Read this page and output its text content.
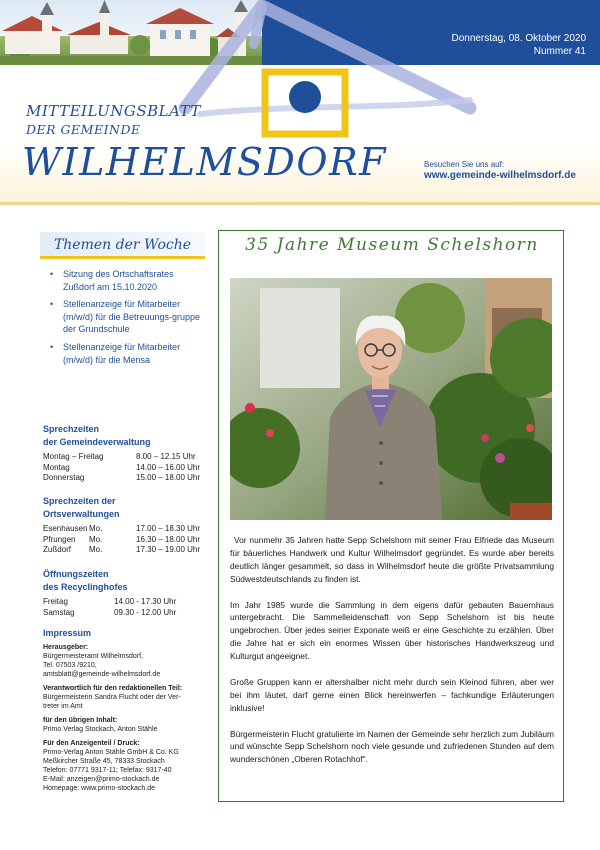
Donnerstag, 08. Oktober 2020
Nummer 41
MITTEILUNGSBLATT
DER GEMEINDE
WILHELMSDORF	Besuchen Sie uns auf:
www.gemeinde-wilhelmsdorf.de
Themen der Woche
• Sitzung des Ortschaftsrates Zußdorf am 15.10.2020
• Stellenanzeige für Mitarbeiter (m/w/d) für die Betreuungs-gruppe der Grundschule
• Stellenanzeige für Mitarbeiter (m/w/d) für die Mensa
Sprechzeiten
der Gemeindeverwaltung
Montag – Freitag	8.00 – 12.15 Uhr
Montag	14.00 – 16.00 Uhr
Donnerstag	15.00 – 18.00 Uhr
Sprechzeiten der
Ortsverwaltungen
Esenhausen Mo.	17.00 – 18.30 Uhr
Pfrungen Mo.	16.30 – 18.00 Uhr
Zußdorf Mo.	17.30 – 19.00 Uhr
Öffnungszeiten
des Recyclinghofes
Freitag	14.00 - 17.30 Uhr
Samstag	09.30 - 12.00 Uhr
Impressum
Herausgeber:
Bürgermeisteramt Wilhelmsdorf,
Tel. 07503 /9210,
amtsblatt@gemeinde-wilhelmsdorf.de
Verantwortlich für den redaktionellen Teil:
Bürgermeisterin Sandra Flucht oder der Ver-
treter im Amt
für den übrigen Inhalt:
Primo Verlag Stockach, Anton Stähle
Für den Anzeigenteil / Druck:
Primo-Verlag Anton Stähle GmbH & Co. KG
Meßkircher Straße 45, 78333 Stockach
Telefon: 07771 9317-11; Telefax: 9317-40
E-Mail: anzeigen@primo-stockach.de
Homepage: www.primo-stockach.de
35 Jahre Museum Schelshorn

Vor nunmehr 35 Jahren hatte Sepp Schelshorn mit seiner Frau Elfriede das Museum für bäuerliches Handwerk und Kultur Wilhelmsdorf gegründet. Es wurde aber bereits deutlich länger gesammelt, so dass in Wilhelmsdorf heute die größte Privatsammlung Südwestdeutschlands zu finden ist.

Im Jahr 1985 wurde die Sammlung in dem eigens dafür gebauten Bauernhaus untergebracht. Die Sammelleidenschaft von Sepp Schelshorn ist bis heute ungebrochen. Über jedes seiner Exponate weiß er eine Geschichte zu erzählen. Über die Jahre hat er sich ein enormes Wissen über historisches Handwerkszeug und Kulturgut angeeignet.

Große Gruppen kann er altershalber nicht mehr durch sein Kleinod führen, aber wer bei ihm läutet, darf gerne einen Blick hereinwerfen – fachkundige Erläuterungen inklusive!

Bürgermeisterin Flucht gratulierte im Namen der Gemeinde sehr herzlich zum Jubiläum und wünschte Sepp Schelshorn noch viele gesunde und zufriedenen Stunden auf dem wunderschönen „Oberen Rotachhof“.
